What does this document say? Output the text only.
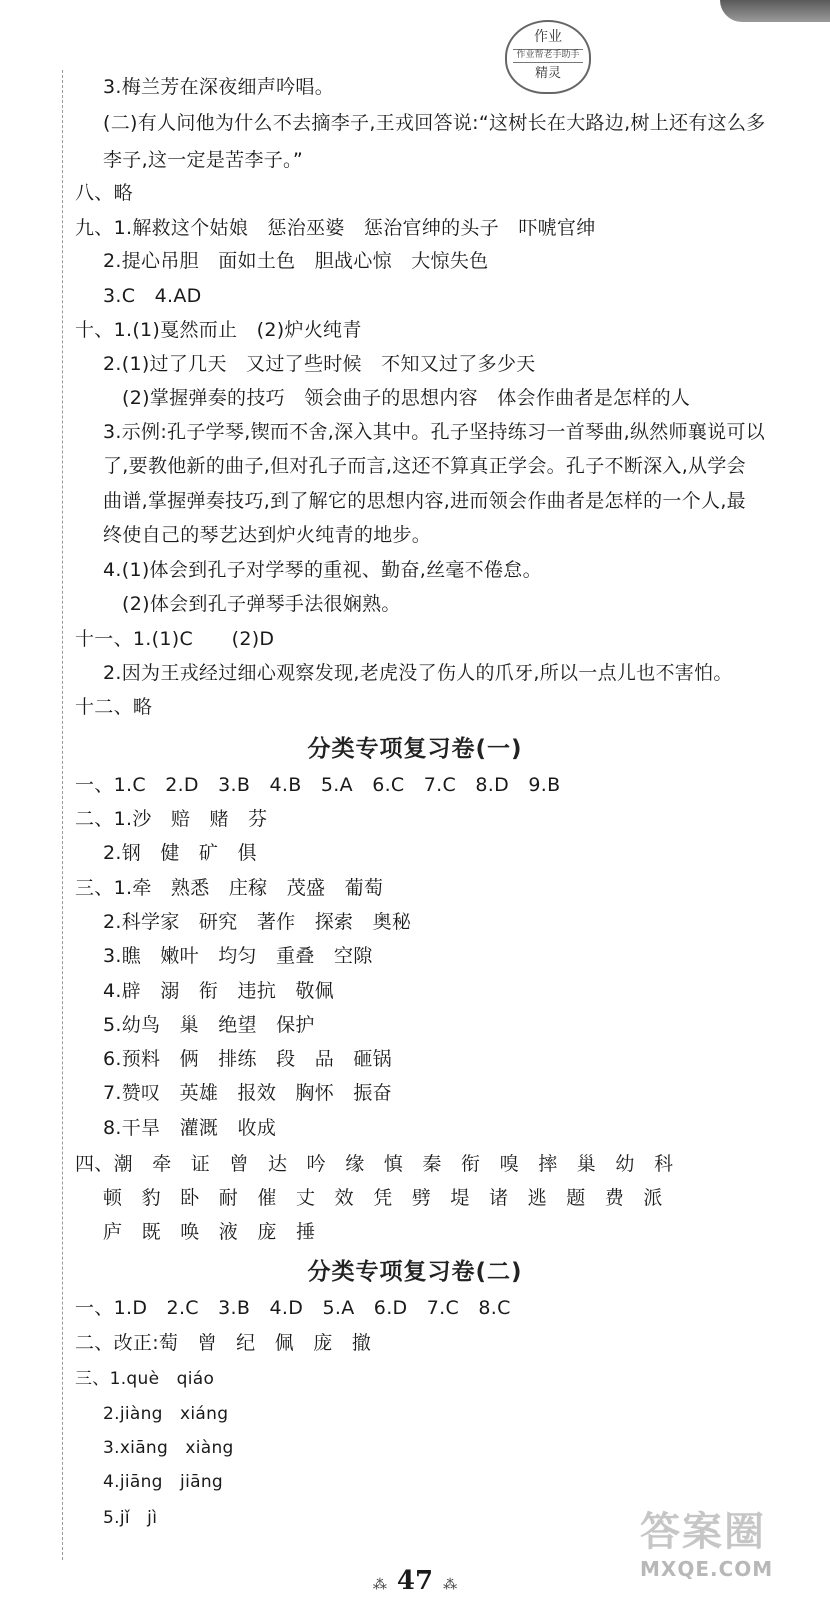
作业
作业帮老手助手
精灵
3.梅兰芳在深夜细声吟唱。
(二)有人问他为什么不去摘李子,王戎回答说:“这树长在大路边,树上还有这么多
李子,这一定是苦李子。”
八、略
九、1.解救这个姑娘　惩治巫婆　惩治官绅的头子　吓唬官绅
2.提心吊胆　面如土色　胆战心惊　大惊失色
3.C　4.AD
十、1.(1)戛然而止　(2)炉火纯青
2.(1)过了几天　又过了些时候　不知又过了多少天
(2)掌握弹奏的技巧　领会曲子的思想内容　体会作曲者是怎样的人
3.示例:孔子学琴,锲而不舍,深入其中。孔子坚持练习一首琴曲,纵然师襄说可以
了,要教他新的曲子,但对孔子而言,这还不算真正学会。孔子不断深入,从学会
曲谱,掌握弹奏技巧,到了解它的思想内容,进而领会作曲者是怎样的一个人,最
终使自己的琴艺达到炉火纯青的地步。
4.(1)体会到孔子对学琴的重视、勤奋,丝毫不倦怠。
(2)体会到孔子弹琴手法很娴熟。
十一、1.(1)C　　(2)D
2.因为王戎经过细心观察发现,老虎没了伤人的爪牙,所以一点儿也不害怕。
十二、略
分类专项复习卷(一)
一、1.C　2.D　3.B　4.B　5.A　6.C　7.C　8.D　9.B
二、1.沙　赔　赌　芬
2.钢　健　矿　俱
三、1.牵　熟悉　庄稼　茂盛　葡萄
2.科学家　研究　著作　探索　奥秘
3.瞧　嫩叶　均匀　重叠　空隙
4.辟　溺　衔　违抗　敬佩
5.幼鸟　巢　绝望　保护
6.预料　俩　排练　段　品　砸锅
7.赞叹　英雄　报效　胸怀　振奋
8.干旱　灌溉　收成
四、潮　牵　证　曾　达　吟　缘　慎　秦　衔　嗅　摔　巢　幼　科
顿　豹　卧　耐　催　丈　效　凭　劈　堤　诸　逃　题　费　派
庐　既　唤　液　庞　捶
分类专项复习卷(二)
一、1.D　2.C　3.B　4.D　5.A　6.D　7.C　8.C
二、改正:萄　曾　纪　佩　庞　撤
三、1.què　qiáo
2.jiàng　xiáng
3.xiāng　xiàng
4.jiāng　jiāng
5.jǐ　jì	答案圈
MXQE.COM
⁂ 47 ⁂
